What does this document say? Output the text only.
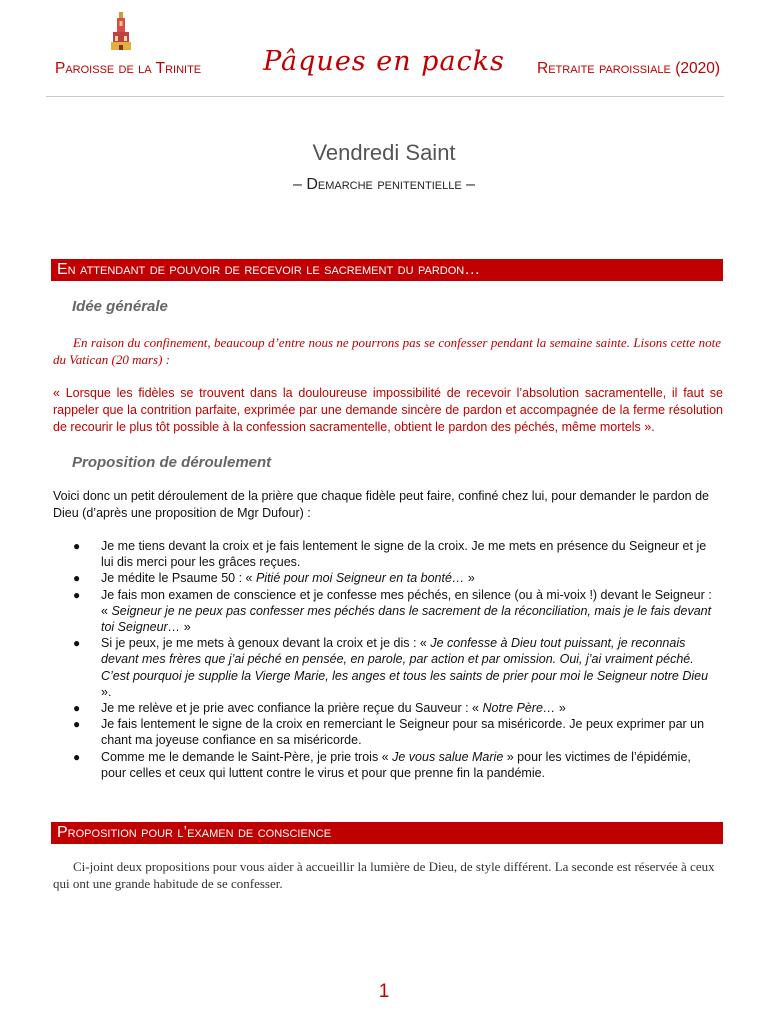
Paroisse de la Trinite	Pâques en packs	Retraite paroissiale (2020)
Vendredi Saint
– Demarche penitentielle –
En attendant de pouvoir de recevoir le sacrement du pardon…
Idée générale
En raison du confinement, beaucoup d’entre nous ne pourrons pas se confesser pendant la semaine sainte. Lisons cette note du Vatican (20 mars) :
« Lorsque les fidèles se trouvent dans la douloureuse impossibilité de recevoir l’absolution sacramentelle, il faut se rappeler que la contrition parfaite, exprimée par une demande sincère de pardon et accompagnée de la ferme résolution de recourir le plus tôt possible à la confession sacramentelle, obtient le pardon des péchés, même mortels ».
Proposition de déroulement
Voici donc un petit déroulement de la prière que chaque fidèle peut faire, confiné chez lui, pour demander le pardon de Dieu (d’après une proposition de Mgr Dufour) :
● Je me tiens devant la croix et je fais lentement le signe de la croix. Je me mets en présence du Seigneur et je lui dis merci pour les grâces reçues.
● Je médite le Psaume 50 : « Pitié pour moi Seigneur en ta bonté… »
● Je fais mon examen de conscience et je confesse mes péchés, en silence (ou à mi-voix !) devant le Seigneur : « Seigneur je ne peux pas confesser mes péchés dans le sacrement de la réconciliation, mais je le fais devant toi Seigneur… »
● Si je peux, je me mets à genoux devant la croix et je dis : « Je confesse à Dieu tout puissant, je reconnais devant mes frères que j’ai péché en pensée, en parole, par action et par omission. Oui, j’ai vraiment péché. C’est pourquoi je supplie la Vierge Marie, les anges et tous les saints de prier pour moi le Seigneur notre Dieu ».
● Je me relève et je prie avec confiance la prière reçue du Sauveur : « Notre Père… »
● Je fais lentement le signe de la croix en remerciant le Seigneur pour sa miséricorde. Je peux exprimer par un chant ma joyeuse confiance en sa miséricorde.
● Comme me le demande le Saint-Père, je prie trois « Je vous salue Marie » pour les victimes de l’épidémie, pour celles et ceux qui luttent contre le virus et pour que prenne fin la pandémie.
Proposition pour l’examen de conscience
Ci-joint deux propositions pour vous aider à accueillir la lumière de Dieu, de style différent. La seconde est réservée à ceux qui ont une grande habitude de se confesser.
1
